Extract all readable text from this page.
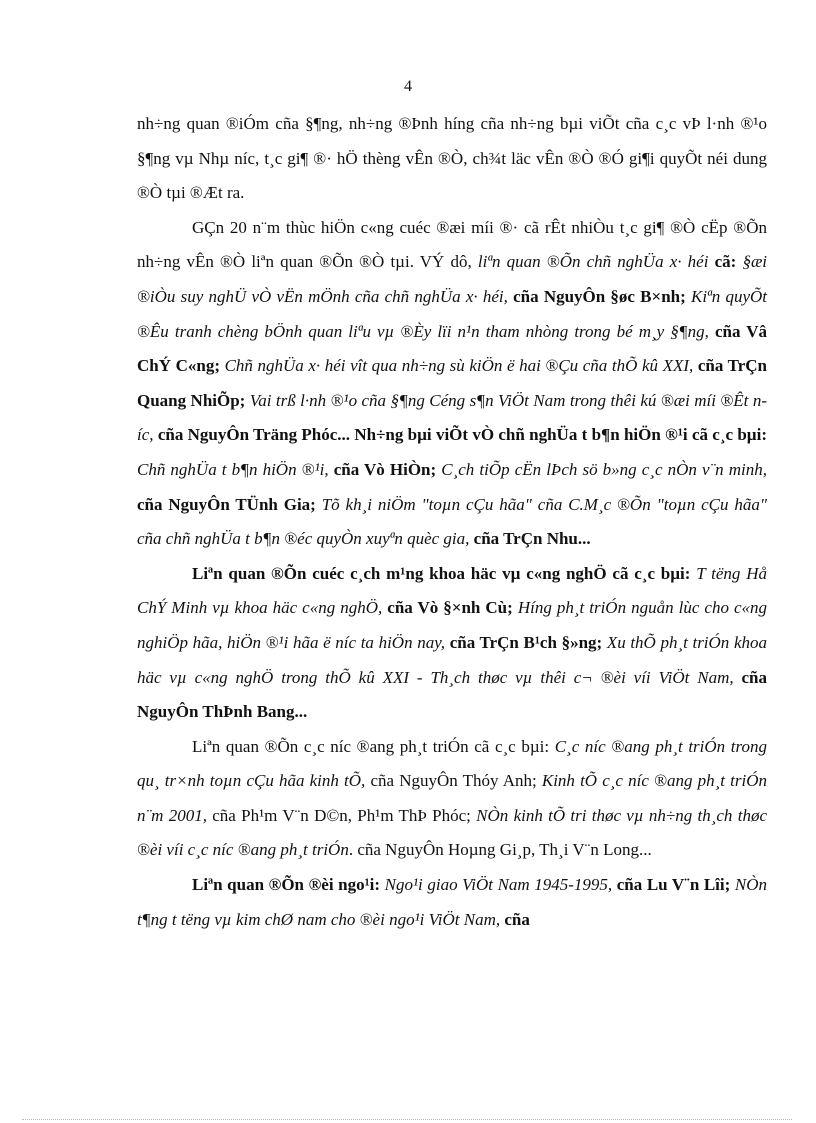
4

nh÷ng quan ®iÓm cña §¶ng, nh÷ng ®Þnh híng cña nh÷ng bµi viÕt cña c¸c vÞ l·nh ®¹o §¶ng vµ Nhµ níc, t¸c gi¶ ®· hÖ thèng vÊn ®Ò, ch¾t läc vÊn ®Ò ®Ó gi¶i quyÕt néi dung ®Ò tµi ®Æt ra.

GÇn 20 n¨m thùc hiÖn c«ng cuéc ®æi míi ®· cã rÊt nhiÒu t¸c gi¶ ®Ò cËp ®Õn nh÷ng vÊn ®Ò liªn quan ®Õn ®Ò tµi. VÝ dô, liªn quan ®Õn chñ nghÜa x· héi cã: §æi ®iÒu suy nghÜ vÒ vËn mÖnh cña chñ nghÜa x· héi, cña NguyÔn §øc B×nh; Kiªn quyÕt ®Êu tranh chèng bÖnh quan liªu vµ ®Èy lïi n¹n tham nhòng trong bé m¸y §¶ng, cña Vâ ChÝ C«ng; Chñ nghÜa x· héi vît qua nh÷ng sù kiÖn ë hai ®Çu cña thÕ kû XXI, cña TrÇn Quang NhiÕp; Vai trß l·nh ®¹o cña §¶ng Céng s¶n ViÖt Nam trong thêi kú ®æi míi ®Êt níc, cña NguyÔn Träng Phóc... Nh÷ng bµi viÕt vÒ chñ nghÜa t b¶n hiÖn ®¹i cã c¸c bµi: Chñ nghÜa t b¶n hiÖn ®¹i, cña Vò HiÒn; C¸ch tiÕp cËn lÞch sö b»ng c¸c nÒn v¨n minh, cña NguyÔn TÜnh Gia; Tõ kh¸i niÖm "toµn cÇu hãa" cña C.M¸c ®Õn "toµn cÇu hãa" cña chñ nghÜa t b¶n ®éc quyÒn xuyªn quèc gia, cña TrÇn Nhu...

Liªn quan ®Õn cuéc c¸ch m¹ng khoa häc vµ c«ng nghÖ cã c¸c bµi: T tëng Hå ChÝ Minh vµ khoa häc c«ng nghÖ, cña Vò §×nh Cù; Híng ph¸t triÓn nguån lùc cho c«ng nghiÖp hãa, hiÖn ®¹i hãa ë níc ta hiÖn nay, cña TrÇn B¹ch §»ng; Xu thÕ ph¸t triÓn khoa häc vµ c«ng nghÖ trong thÕ kû XXI - Th¸ch thøc vµ thêi c¬ ®èi víi ViÖt Nam, cña NguyÔn ThÞnh Bang...

Liªn quan ®Õn c¸c níc ®ang ph¸t triÓn cã c¸c bµi: C¸c níc ®ang ph¸t triÓn trong qu¸ tr×nh toµn cÇu hãa kinh tÕ, cña NguyÔn Thóy Anh; Kinh tÕ c¸c níc ®ang ph¸t triÓn n¨m 2001, cña Ph¹m V¨n D©n, Ph¹m ThÞ Phóc; NÒn kinh tÕ tri thøc vµ nh÷ng th¸ch thøc ®èi víi c¸c níc ®ang ph¸t triÓn. cña NguyÔn Hoµng Gi¸p, Th¸i V¨n Long...

Liªn quan ®Õn ®èi ngo¹i: Ngo¹i giao ViÖt Nam 1945-1995, cña Lu V¨n Lîi; NÒn t¶ng t tëng vµ kim chØ nam cho ®èi ngo¹i ViÖt Nam, cña
